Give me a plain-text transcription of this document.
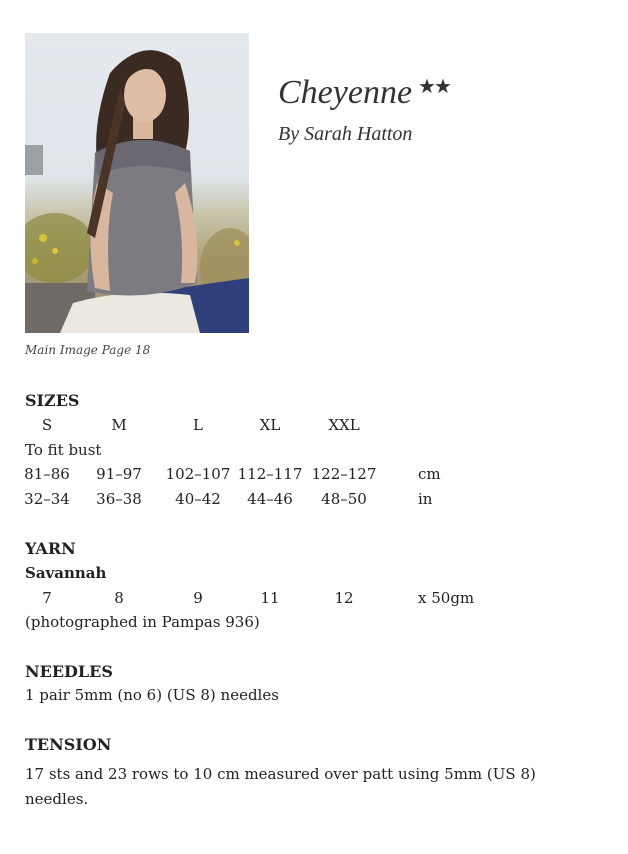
Main Image Page 18
Cheyenne ★★
By Sarah Hatton
SIZES
S	M	L	XL	XXL
To fit bust
81–86 91–97 102–107 112–117 122–127	cm
32–34 36–38 40–42 44–46 48–50	in
YARN
Savannah
7	8	9	11	12	x 50gm
(photographed in Pampas 936)
NEEDLES
1 pair 5mm (no 6) (US 8) needles
TENSION
17 sts and 23 rows to 10 cm measured over patt using 5mm (US 8) needles.
